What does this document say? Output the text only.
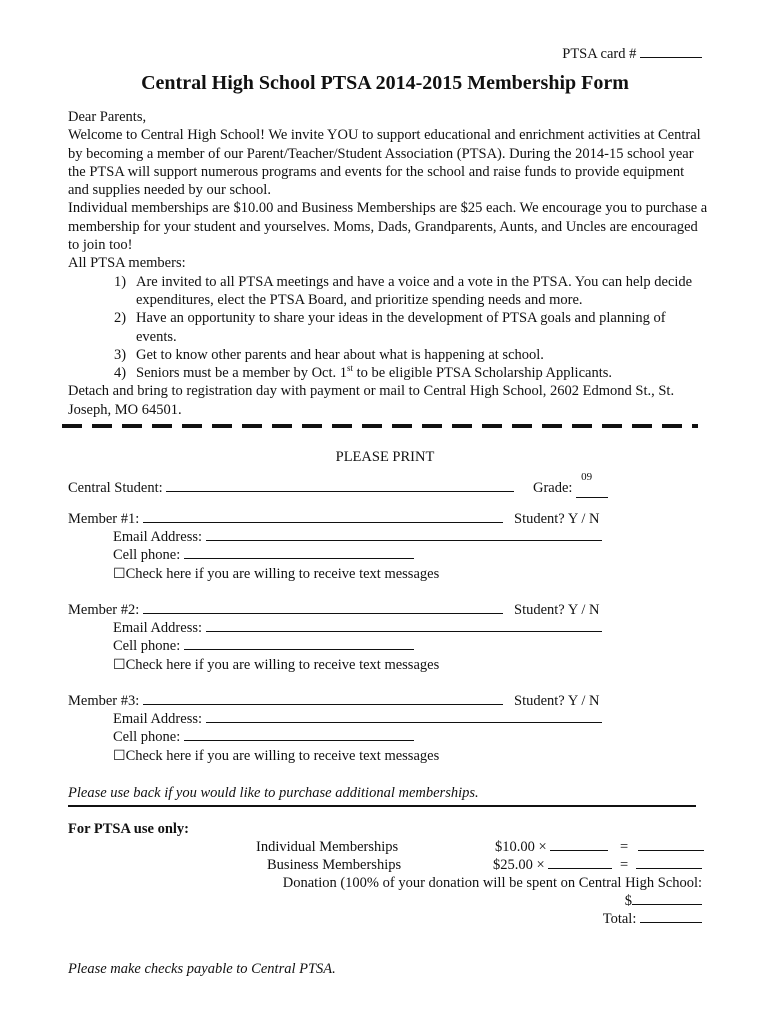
PTSA card #
Central High School PTSA 2014-2015 Membership Form

Dear Parents,

Welcome to Central High School! We invite YOU to support educational and enrichment activities at Central by becoming a member of our Parent/Teacher/Student Association (PTSA). During the 2014-15 school year the PTSA will support numerous programs and events for the school and raise funds to provide equipment and supplies needed by our school.

Individual memberships are $10.00 and Business Memberships are $25 each. We encourage you to purchase a membership for your student and yourselves. Moms, Dads, Grandparents, Aunts, and Uncles are encouraged to join too!

All PTSA members:

1) Are invited to all PTSA meetings and have a voice and a vote in the PTSA. You can help decide expenditures, elect the PTSA Board, and prioritize spending needs and more.
2) Have an opportunity to share your ideas in the development of PTSA goals and planning of events.
3) Get to know other parents and hear about what is happening at school.
4) Seniors must be a member by Oct. 1st to be eligible PTSA Scholarship Applicants.

Detach and bring to registration day with payment or mail to Central High School, 2602 Edmond St., St. Joseph, MO 64501.

PLEASE PRINT
Central Student:	Grade:
09

Member #1:	Student? Y / N
Email Address:
Cell phone:
☐Check here if you are willing to receive text messages
Member #2:	Student? Y / N
Email Address:
Cell phone:
☐Check here if you are willing to receive text messages
Member #3:	Student? Y / N
Email Address:
Cell phone:
☐Check here if you are willing to receive text messages
Please use back if you would like to purchase additional memberships.
For PTSA use only:
Individual Memberships	$10.00 ×	=
Business Memberships	$25.00 ×	=
Donation (100% of your donation will be spent on Central High School:
$
Total:
Please make checks payable to Central PTSA.
